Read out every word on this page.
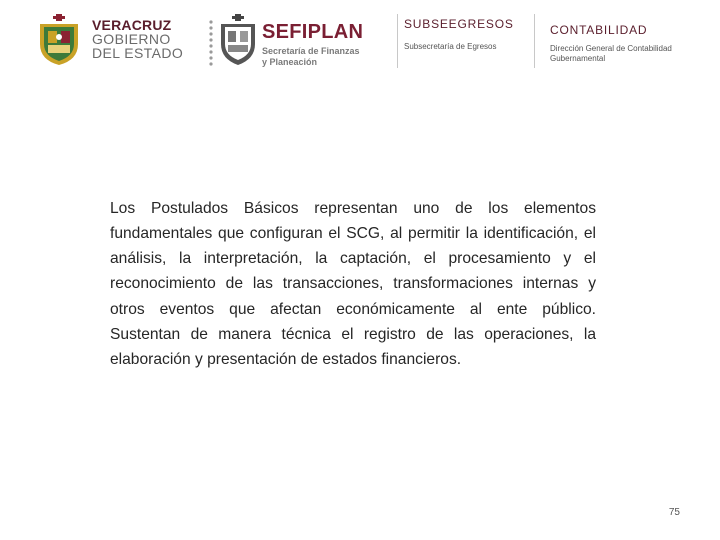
VERACRUZ
GOBIERNO
DEL ESTADO
SEFIPLAN
Secretaría de Finanzas
y Planeación
SUBSEEGRESOS
Subsecretaría de Egresos
CONTABILIDAD
Dirección General de Contabilidad
Gubernamental

Los Postulados Básicos representan uno de los elementos fundamentales que configuran el SCG, al permitir la identificación, el análisis, la interpretación, la captación, el procesamiento y el reconocimiento de las transacciones, transformaciones internas y otros eventos que afectan económicamente al ente público. Sustentan de manera técnica el registro de las operaciones, la elaboración y presentación de estados financieros.

75
